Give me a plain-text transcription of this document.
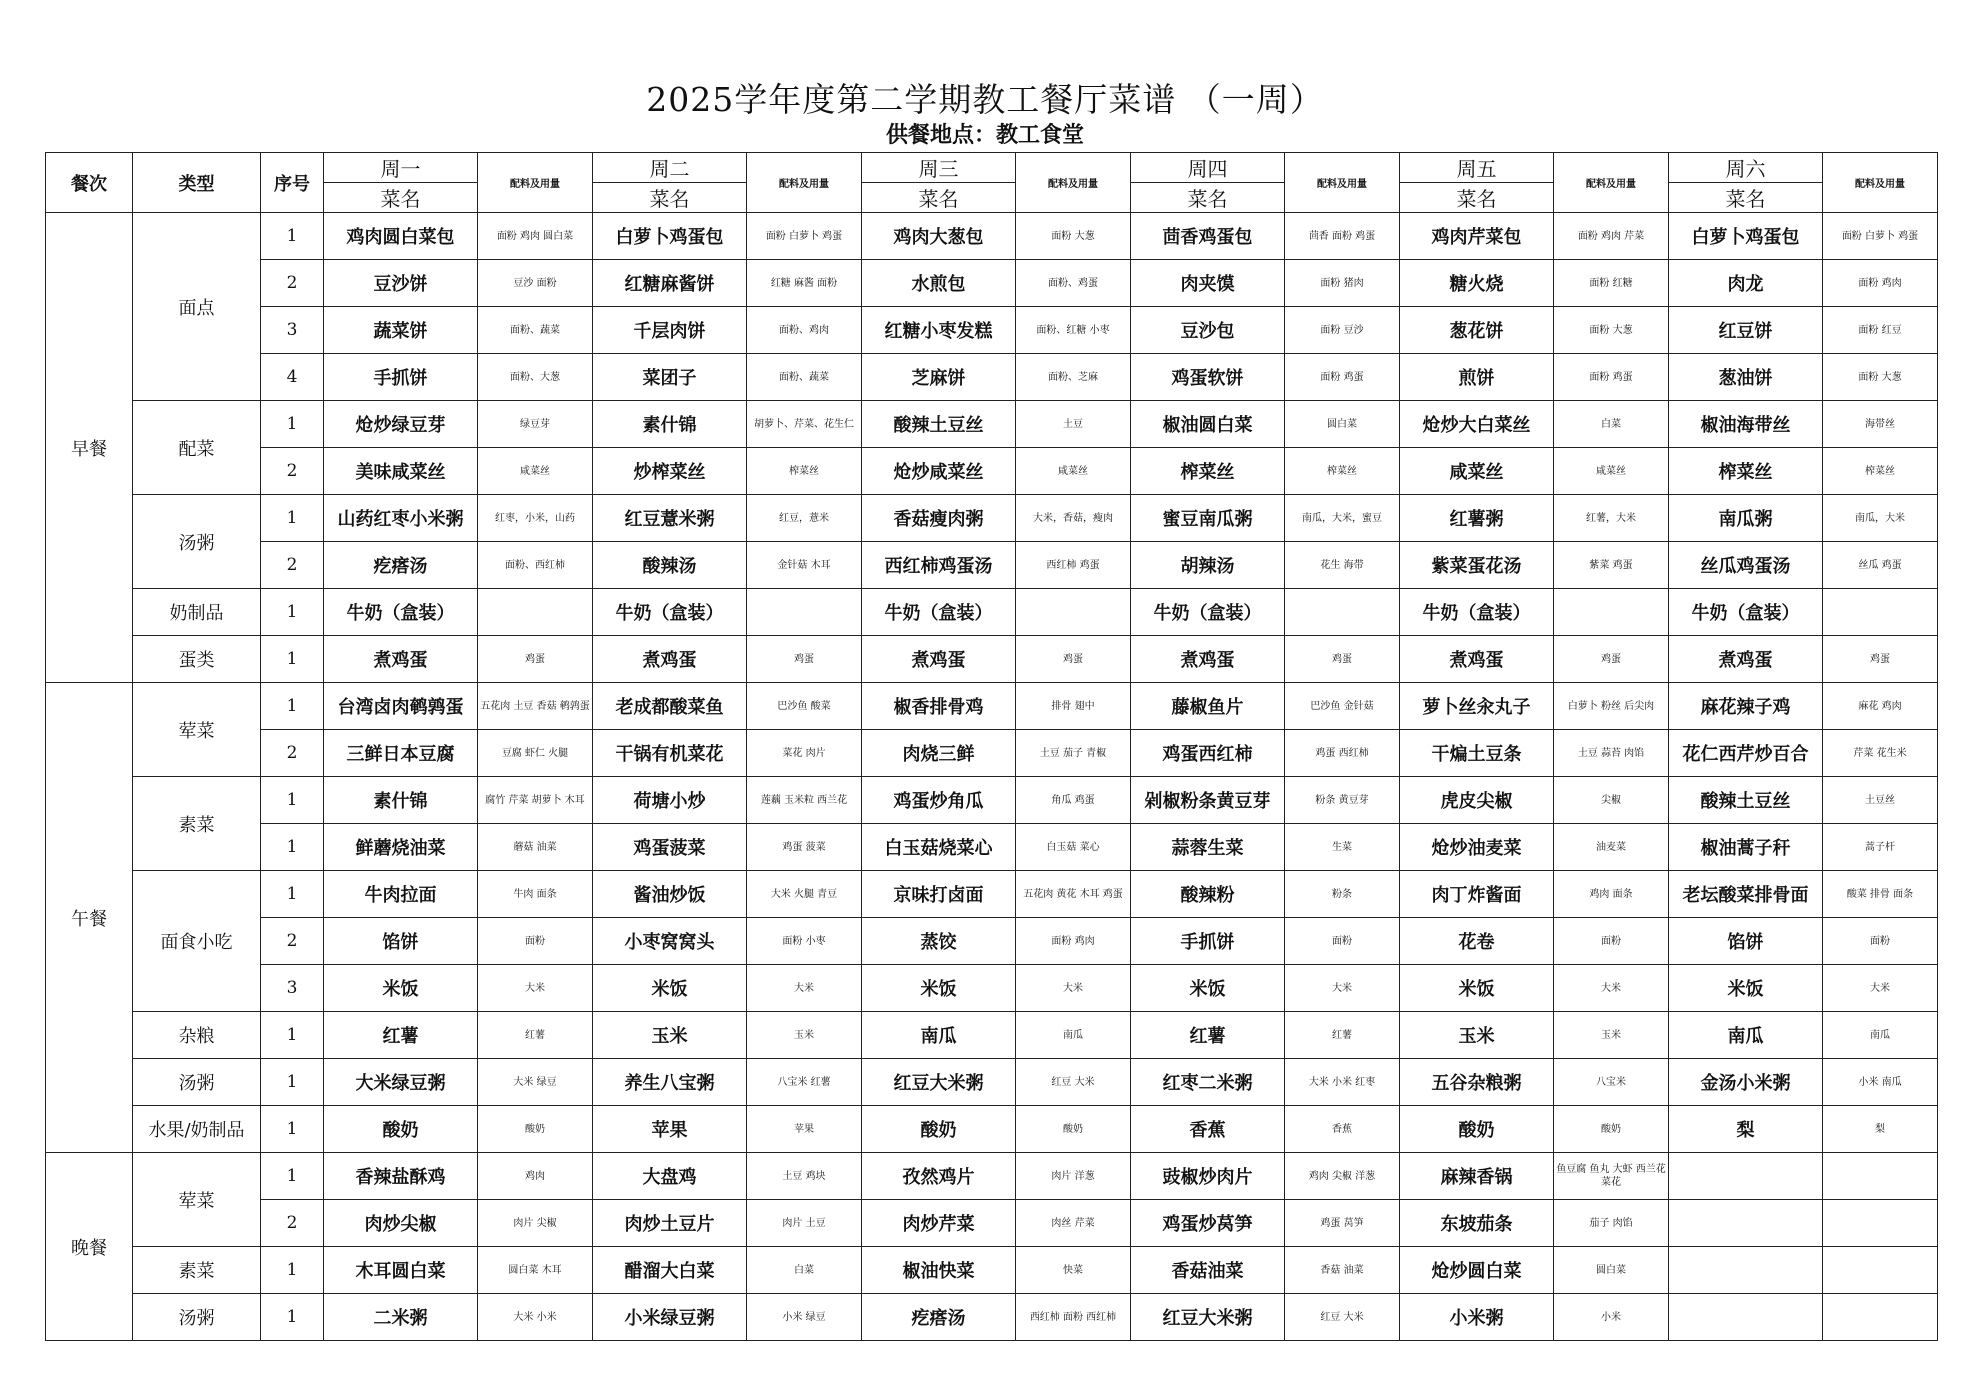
2025学年度第二学期教工餐厅菜谱 （一周）
供餐地点：教工食堂
餐次	类型	序号	周一	配料及用量	周二	配料及用量	周三	配料及用量	周四	配料及用量	周五	配料及用量	周六	配料及用量
			菜名		菜名		菜名		菜名		菜名		菜名	
早餐	面点	1	鸡肉圆白菜包	面粉 鸡肉 圆白菜	白萝卜鸡蛋包	面粉 白萝卜 鸡蛋	鸡肉大葱包	面粉 大葱	茴香鸡蛋包	茴香 面粉 鸡蛋	鸡肉芹菜包	面粉 鸡肉 芹菜	白萝卜鸡蛋包	面粉 白萝卜 鸡蛋
		2	豆沙饼	豆沙 面粉	红糖麻酱饼	红糖 麻酱 面粉	水煎包	面粉、鸡蛋	肉夹馍	面粉 猪肉	糖火烧	面粉 红糖	肉龙	面粉 鸡肉
		3	蔬菜饼	面粉、蔬菜	千层肉饼	面粉、鸡肉	红糖小枣发糕	面粉、红糖 小枣	豆沙包	面粉 豆沙	葱花饼	面粉 大葱	红豆饼	面粉 红豆
		4	手抓饼	面粉、大葱	菜团子	面粉、蔬菜	芝麻饼	面粉、芝麻	鸡蛋软饼	面粉 鸡蛋	煎饼	面粉 鸡蛋	葱油饼	面粉 大葱
	配菜	1	炝炒绿豆芽	绿豆芽	素什锦	胡萝卜、芹菜、花生仁	酸辣土豆丝	土豆	椒油圆白菜	圆白菜	炝炒大白菜丝	白菜	椒油海带丝	海带丝
		2	美味咸菜丝	咸菜丝	炒榨菜丝	榨菜丝	炝炒咸菜丝	咸菜丝	榨菜丝	榨菜丝	咸菜丝	咸菜丝	榨菜丝	榨菜丝
	汤粥	1	山药红枣小米粥	红枣，小米，山药	红豆薏米粥	红豆，薏米	香菇瘦肉粥	大米，香菇，瘦肉	蜜豆南瓜粥	南瓜，大米，蜜豆	红薯粥	红薯，大米	南瓜粥	南瓜，大米
		2	疙瘩汤	面粉、西红柿	酸辣汤	金针菇 木耳	西红柿鸡蛋汤	西红柿 鸡蛋	胡辣汤	花生 海带	紫菜蛋花汤	紫菜 鸡蛋	丝瓜鸡蛋汤	丝瓜 鸡蛋
	奶制品	1	牛奶（盒装）		牛奶（盒装）		牛奶（盒装）		牛奶（盒装）		牛奶（盒装）		牛奶（盒装）	
	蛋类	1	煮鸡蛋	鸡蛋	煮鸡蛋	鸡蛋	煮鸡蛋	鸡蛋	煮鸡蛋	鸡蛋	煮鸡蛋	鸡蛋	煮鸡蛋	鸡蛋
午餐	荤菜	1	台湾卤肉鹌鹑蛋	五花肉 土豆 香菇 鹌鹑蛋	老成都酸菜鱼	巴沙鱼 酸菜	椒香排骨鸡	排骨 翅中	藤椒鱼片	巴沙鱼 金针菇	萝卜丝汆丸子	白萝卜 粉丝 后尖肉	麻花辣子鸡	麻花 鸡肉
		2	三鲜日本豆腐	豆腐 虾仁 火腿	干锅有机菜花	菜花 肉片	肉烧三鲜	土豆 茄子 青椒	鸡蛋西红柿	鸡蛋 西红柿	干煸土豆条	土豆 蒜苔 肉馅	花仁西芹炒百合	芹菜 花生米
	素菜	1	素什锦	腐竹 芹菜 胡萝卜 木耳	荷塘小炒	莲藕 玉米粒 西兰花	鸡蛋炒角瓜	角瓜 鸡蛋	剁椒粉条黄豆芽	粉条 黄豆芽	虎皮尖椒	尖椒	酸辣土豆丝	土豆丝
		1	鲜蘑烧油菜	蘑菇 油菜	鸡蛋菠菜	鸡蛋 菠菜	白玉菇烧菜心	白玉菇 菜心	蒜蓉生菜	生菜	炝炒油麦菜	油麦菜	椒油蒿子秆	蒿子杆
	面食小吃	1	牛肉拉面	牛肉 面条	酱油炒饭	大米 火腿 青豆	京味打卤面	五花肉 黄花 木耳 鸡蛋	酸辣粉	粉条	肉丁炸酱面	鸡肉 面条	老坛酸菜排骨面	酸菜 排骨 面条
		2	馅饼	面粉	小枣窝窝头	面粉 小枣	蒸饺	面粉 鸡肉	手抓饼	面粉	花卷	面粉	馅饼	面粉
		3	米饭	大米	米饭	大米	米饭	大米	米饭	大米	米饭	大米	米饭	大米
	杂粮	1	红薯	红薯	玉米	玉米	南瓜	南瓜	红薯	红薯	玉米	玉米	南瓜	南瓜
	汤粥	1	大米绿豆粥	大米 绿豆	养生八宝粥	八宝米 红薯	红豆大米粥	红豆 大米	红枣二米粥	大米 小米 红枣	五谷杂粮粥	八宝米	金汤小米粥	小米 南瓜
	水果/奶制品	1	酸奶	酸奶	苹果	苹果	酸奶	酸奶	香蕉	香蕉	酸奶	酸奶	梨	梨
晚餐	荤菜	1	香辣盐酥鸡	鸡肉	大盘鸡	土豆 鸡块	孜然鸡片	肉片 洋葱	豉椒炒肉片	鸡肉 尖椒 洋葱	麻辣香锅	鱼豆腐 鱼丸 大虾 西兰花 菜花		
		2	肉炒尖椒	肉片 尖椒	肉炒土豆片	肉片 土豆	肉炒芹菜	肉丝 芹菜	鸡蛋炒莴笋	鸡蛋 莴笋	东坡茄条	茄子 肉馅		
	素菜	1	木耳圆白菜	圆白菜 木耳	醋溜大白菜	白菜	椒油快菜	快菜	香菇油菜	香菇 油菜	炝炒圆白菜	圆白菜		
	汤粥	1	二米粥	大米 小米	小米绿豆粥	小米 绿豆	疙瘩汤	西红柿 面粉 西红柿	红豆大米粥	红豆 大米	小米粥	小米		
